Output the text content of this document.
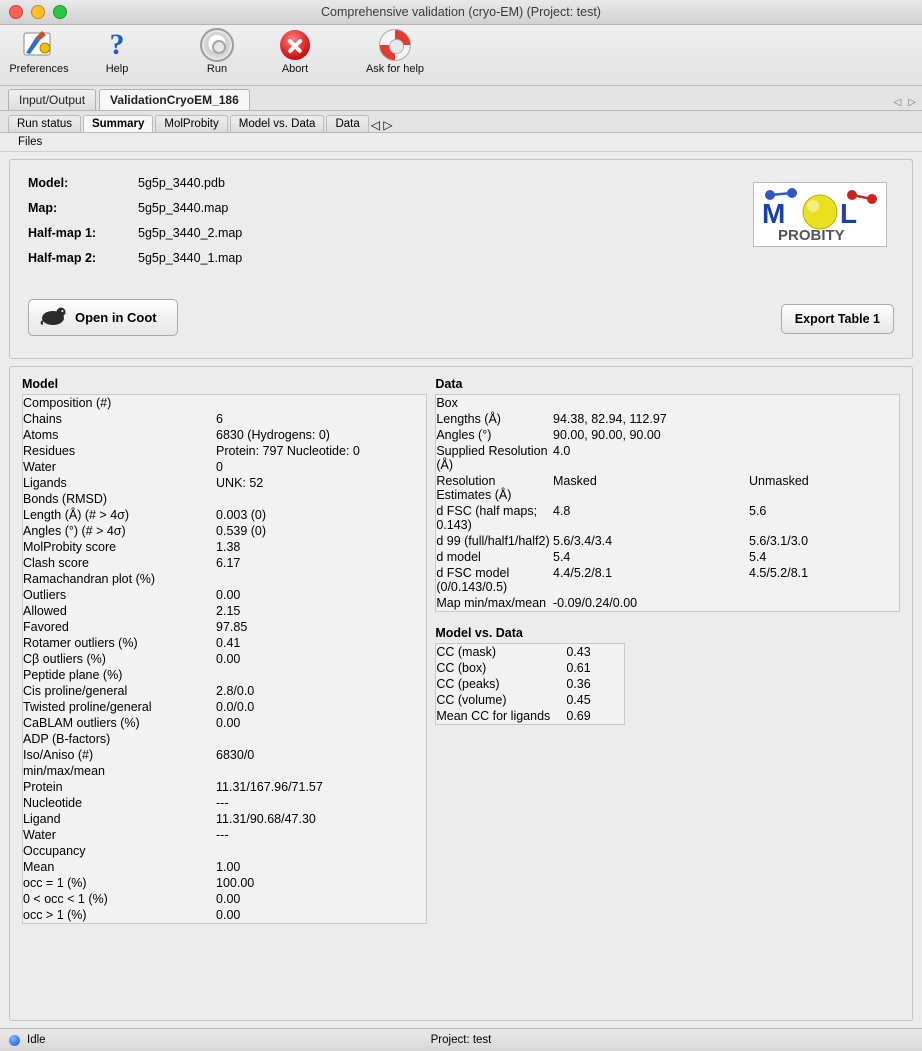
Comprehensive validation (cryo-EM) (Project: test)
Preferences
?
Help	Run	Abort	Ask for help
Input/Output	ValidationCryoEM_186	◁ ▷
Run status	Summary	MolProbity	Model vs. Data	Data ◁ ▷
Files
Model:	5g5p_3440.pdb
Map:	5g5p_3440.map
Half-map 1:	5g5p_3440_2.map
Half-map 2:	5g5p_3440_1.map
M L
PROBITY
Open in Coot	Export Table 1
Model
Composition (#)	
Chains	6
Atoms	6830 (Hydrogens: 0)
Residues	Protein: 797 Nucleotide: 0
Water	0
Ligands	UNK: 52
Bonds (RMSD)	
Length (Å) (# > 4σ)	0.003 (0)
Angles (°) (# > 4σ)	0.539 (0)
MolProbity score	1.38
Clash score	6.17
Ramachandran plot (%)	
Outliers	0.00
Allowed	2.15
Favored	97.85
Rotamer outliers (%)	0.41
Cβ outliers (%)	0.00
Peptide plane (%)	
Cis proline/general	2.8/0.0
Twisted proline/general	0.0/0.0
CaBLAM outliers (%)	0.00
ADP (B-factors)	
Iso/Aniso (#)	6830/0
min/max/mean	
Protein	11.31/167.96/71.57
Nucleotide	---
Ligand	11.31/90.68/47.30
Water	---
Occupancy	
Mean	1.00
occ = 1 (%)	100.00
0 < occ < 1 (%)	0.00
occ > 1 (%)	0.00
Data
Box		
Lengths (Å)	94.38, 82.94, 112.97	
Angles (°)	90.00, 90.00, 90.00	
Supplied Resolution (Å)	4.0	
Resolution Estimates (Å)	Masked	Unmasked
d FSC (half maps; 0.143)	4.8	5.6
d 99 (full/half1/half2)	5.6/3.4/3.4	5.6/3.1/3.0
d model	5.4	5.4
d FSC model (0/0.143/0.5)	4.4/5.2/8.1	4.5/5.2/8.1
Map min/max/mean	-0.09/0.24/0.00	
Model vs. Data
CC (mask)	0.43
CC (box)	0.61
CC (peaks)	0.36
CC (volume)	0.45
Mean CC for ligands	0.69
Idle	Project: test
